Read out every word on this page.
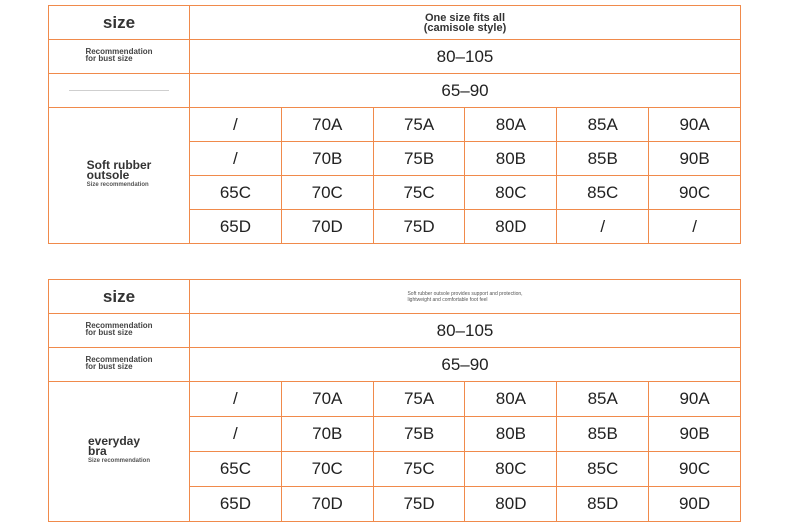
size	One size fits all
(camisole style)					

Recommendation
for bust size	80–105					
	65–90					
Soft rubber
outsole
Size recommendation	/	70A	75A	80A	85A	90A
	/	70B	75B	80B	85B	90B
	65C	70C	75C	80C	85C	90C
	65D	70D	75D	80D	/	/
size	Soft rubber outsole provides support and protection,
lightweight and comfortable foot feel					
Recommendation
for bust size	80–105					
Recommendation
for bust size	65–90					
everyday
bra
Size recommendation	/	70A	75A	80A	85A	90A
	/	70B	75B	80B	85B	90B
	65C	70C	75C	80C	85C	90C
	65D	70D	75D	80D	85D	90D
